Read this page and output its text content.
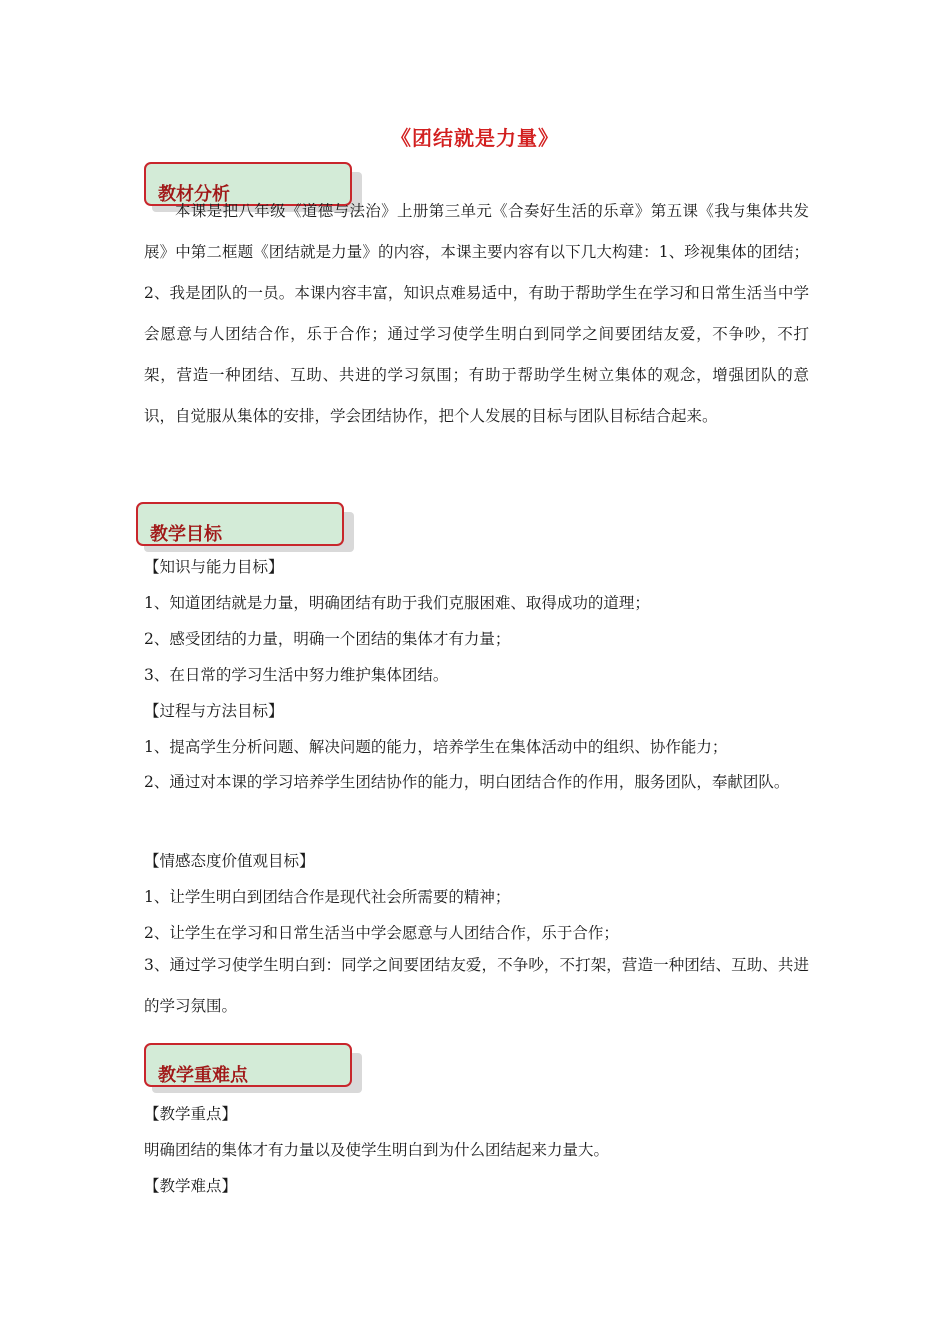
《团结就是力量》
教材分析
本课是把八年级《道德与法治》上册第三单元《合奏好生活的乐章》第五课《我与集体共发展》中第二框题《团结就是力量》的内容，本课主要内容有以下几大构建：1、珍视集体的团结；2、我是团队的一员。本课内容丰富，知识点难易适中，有助于帮助学生在学习和日常生活当中学会愿意与人团结合作，乐于合作；通过学习使学生明白到同学之间要团结友爱，不争吵，不打架，营造一种团结、互助、共进的学习氛围；有助于帮助学生树立集体的观念，增强团队的意识，自觉服从集体的安排，学会团结协作，把个人发展的目标与团队目标结合起来。
教学目标
【知识与能力目标】
1、知道团结就是力量，明确团结有助于我们克服困难、取得成功的道理；
2、感受团结的力量，明确一个团结的集体才有力量；
3、在日常的学习生活中努力维护集体团结。
【过程与方法目标】
1、提高学生分析问题、解决问题的能力，培养学生在集体活动中的组织、协作能力；
2、通过对本课的学习培养学生团结协作的能力，明白团结合作的作用，服务团队，奉献团队。
【情感态度价值观目标】
1、让学生明白到团结合作是现代社会所需要的精神；
2、让学生在学习和日常生活当中学会愿意与人团结合作，乐于合作；
3、通过学习使学生明白到：同学之间要团结友爱，不争吵，不打架，营造一种团结、互助、共进的学习氛围。
教学重难点
【教学重点】
明确团结的集体才有力量以及使学生明白到为什么团结起来力量大。
【教学难点】
